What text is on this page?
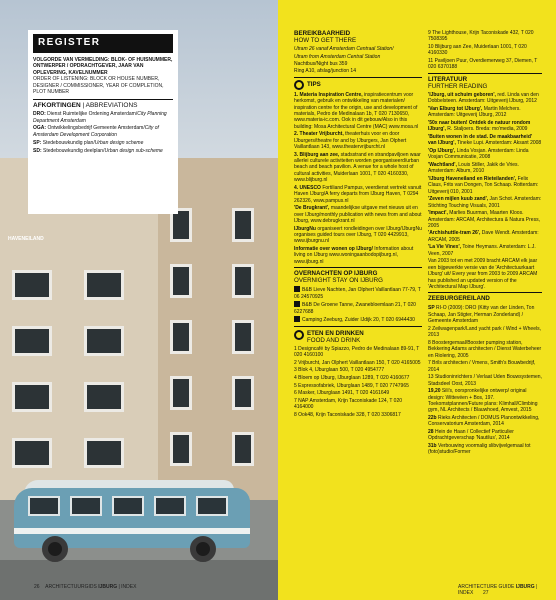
HAVENEILAND
REGISTER
VOLGORDE VAN VERMELDING: BLOK- OF HUISNUMMER, ONTWERPER / OPDRACHTGEVER, JAAR VAN OPLEVERING, KAVELNUMMER
ORDER OF LISTENING: BLOCK OR HOUSE NUMBER, DESIGNER / COMMISSIONER, YEAR OF COMPLETION, PLOT NUMBER
AFKORTINGEN | ABBREVIATIONS
DRO: Dienst Ruimtelijke Ordening Amsterdam/City Planning Department Amsterdam
OGA: Ontwikkelingsbedrijf Gemeente Amsterdam/City of Amsterdam Development Corporation
SP: Stedebouwkundig plan/Urban design scheme
SD: Stedebouwkundig deelplan/Urban design sub-scheme
26 ARCHITECTUURGIDS IJBURG | INDEX
BEREIKBAARHEID
HOW TO GET THERE
Utram 26 vanaf Amsterdam Centraal Station/
Utram from Amsterdam Central Station
Nachtbus/Night bus 359
Ring A10, afslag/junction 14
TIPS
1. Materia Inspiration Centre, inspiratiecentrum voor herkomst, gebruik en ontwikkeling van materialen/ inspiration centre for the origin, use and development of materials, Pedro de Medinalaan 1b, T 020 7130650, www.materia-ic.com. Ook in dit gebouw/Also in this building: Mosa Architectural Centre (MAC) www.mosa.nl
2. Theater Vrijburcht, theaterhuis voor en door IJburgers/theatre for and by IJburgers, Jan Olphert Vaillantlaan 143, www.theatervrijburcht.nl
3. Blijburg aan zee, stadsstrand en strandpaviljoen waar allerlei culturele activiteiten worden georganiseerd/urban beach and beach pavilion. A venue for a whole host of cultural activities, Muiderlaan 1001, T 020 4160330, www.blijburg.nl
4. UNESCO Fortiliand Pampus, veerdienst vertrekt vanuit Haven IJburg/A ferry departs from IJburg Haven, T 0294 262326, www.pampus.nl
'De Brugkrant', maandelijkse uitgave met nieuws uit en over IJburg/monthly publication with news from and about IJburg, www.debrugkrant.nl
IJburgNu organiseert rondleidingen over IJburg/IJburgNu organises guided tours over IJburg, T 020 4429913, www.ijburgnu.nl
Informatie over wonen op IJburg/ Information about living on IJburg www.woningaanbodopijburg.nl, www.ijburg.nl
OVERNACHTEN OP IJBURG
OVERNIGHT STAY ON IJBURG
B&B Lieve Nachten, Jan Olphert Vaillantlaan 77-79, T 06 24570925
B&B De Groene Tanne, Zwanebloemlaan 21, T 020 6227688
Camping Zeeburg, Zuider IJdijk 20, T 020 6944430
ETEN EN DRINKEN
FOOD AND DRINK
1 Designcafé by Spiazzo, Pedro de Medinalaan 89-91, T 020 4160100
2 Vrijburcht, Jan Olphert Vaillantlaan 150, T 020 4165005
3 Blok 4, IJburglaan 500, T 020 4954777
4 Bloem op IJburg, IJburglaan 1289, T 020 4160677
5 Espressofabriek, IJburglaan 1489, T 020 7747965
6 Masker, IJburglaan 1491, T 020 4161649
7 NAP Amsterdam, Krijn Taconiskade 124, T 020 4164000
8 Ook48, Krijn Taconiskade 328, T 020 3306817
9 The Lighthouse, Krijn Taconiskade 432, T 020 7508395
10 Blijburg aan Zee, Muiderlaan 1001, T 020 4160330
11 Paviljoen Puur, Overdiemerweg 37, Diemen, T 020 6370188
LITERATUUR
FURTHER READING
'IJburg, uit schuim geboren', red. Linda van den Dobbelsteen. Amsterdam: Uitgeverij IJburg, 2012
'Van Elburg tot IJburg', Martin Melchers. Amsterdam: Uitgeverij IJburg, 2012
'50x naar buiten! Ontdek de natuur rondom IJburg', R. Staljoers. Breda: mo'media, 2009
'Buiten wonen in de stad. De maakbaarheid' van IJburg', Tineke Lupi. Amsterdam: Aksant 2008
'Op IJburg', Linda Vosjan. Amsterdam: Linda Vosjan Communicatie, 2008
'Wachtland', Louis Stiller, Jakik de Vries. Amsterdam: Album, 2010
'IJburg Haveneiland en Rieteilanden', Felix Claus, Frits van Dongen, Ton Schaap. Rotterdam: Uitgeverij 010, 2001
'Zeven mijlen kuub zand', Jan Schot. Amsterdam: Stichting Touching Visuals, 2001
'Impact', Marlies Buurman, Maarten Kloos. Amsterdam: ARCAM, Architectura & Natura Press, 2005
'Archishuttle-tram 26', Dave Wendt. Amsterdam: ARCAM, 2005
'La Vie Vinex', Toine Heymans. Amsterdam: L.J. Veen, 2007
Van 2003 tot en met 2009 bracht ARCAM elk jaar een bijgewerkte versie van de 'Architectuurkaart IJburg' uit/ Every year from 2003 to 2009 ARCAM has published an updated version of the 'Architectural Map IJburg'.
ZEEBURGEREILAND
SP RI-O (2009): DRO (Kitty van der Linden, Ton Schaap, Jan Stigter, Herman Zonderland) / Gemeente Amsterdam
2 Zeilwagenpark/Land yacht park / Wind + Wheels, 2013
8 Boostergemaal/Booster pumping station, Bekkering Adams architecten / Dienst Waterbeheer en Riolering, 2005
7 Brils architecten / Vmens, Smith's Bouwbedrijf, 2014
13 Studioninrichters / Verlaat Uden Bouwsystemen, Stadsdeel Oost, 2013
19,20 Sili's, oorspronkelijke ontwerp/ original design: Wittevéen + Bos, 197. Toekomstplannen/Future plans: Klimhall/Climbing gym, NL Architects / Blauwhoed, Amvest, 2015
22b Rieks Architecten / DOMUS Planontwikkeling, Conservatorium Amsterdam, 2014
28 Hein de Haan / Collectief Particulier Opdrachtgeverschap 'Nautilus', 2014
31b Verbouwing voormalig slibvijvelgemaal tot (foto)studio/Former
ARCHITECTURE GUIDE IJBURG | INDEX 27
